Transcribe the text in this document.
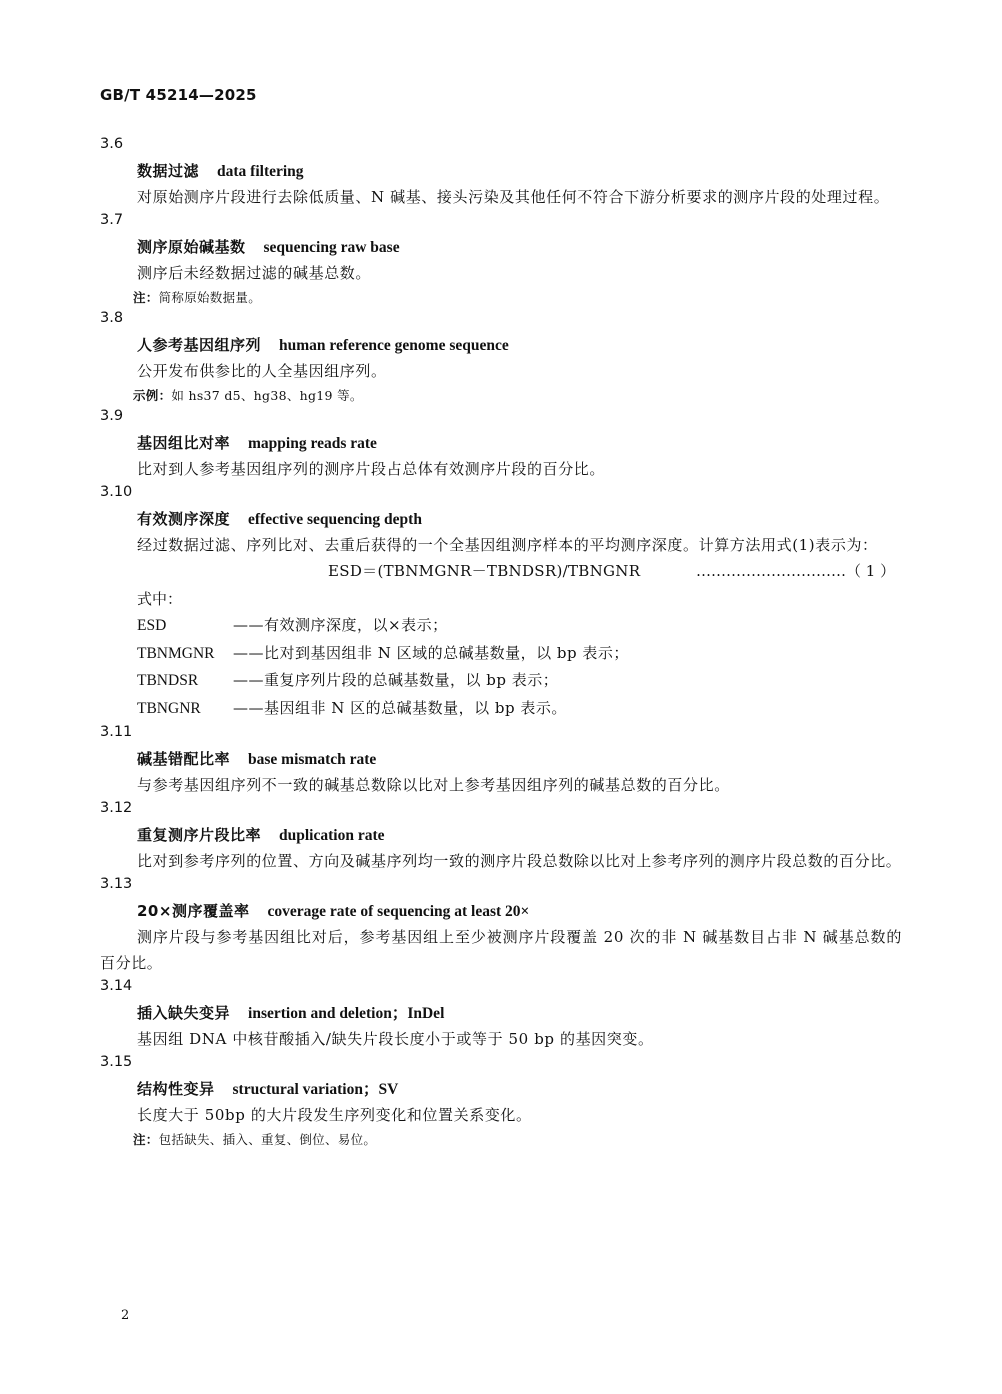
GB/T 45214—2025
3.6
数据过滤 data filtering

对原始测序片段进行去除低质量、N 碱基、接头污染及其他任何不符合下游分析要求的测序片段的处理过程。

3.7
测序原始碱基数 sequencing raw base

测序后未经数据过滤的碱基总数。

注：简称原始数据量。
3.8
人参考基因组序列 human reference genome sequence

公开发布供参比的人全基因组序列。

示例：如 hs37 d5、hg38、hg19 等。
3.9
基因组比对率 mapping reads rate

比对到人参考基因组序列的测序片段占总体有效测序片段的百分比。

3.10
有效测序深度 effective sequencing depth

经过数据过滤、序列比对、去重后获得的一个全基因组测序样本的平均测序深度。计算方法用式(1)表示为：

ESD＝(TBNMGNR－TBNDSR)/TBNGNR	…………………………（ 1 ）
式中：
ESD	——有效测序深度，以×表示；
TBNMGNR	——比对到基因组非 N 区域的总碱基数量，以 bp 表示；
TBNDSR	——重复序列片段的总碱基数量，以 bp 表示；
TBNGNR	——基因组非 N 区的总碱基数量，以 bp 表示。
3.11
碱基错配比率 base mismatch rate

与参考基因组序列不一致的碱基总数除以比对上参考基因组序列的碱基总数的百分比。

3.12
重复测序片段比率 duplication rate

比对到参考序列的位置、方向及碱基序列均一致的测序片段总数除以比对上参考序列的测序片段总数的百分比。

3.13
20×测序覆盖率 coverage rate of sequencing at least 20×

测序片段与参考基因组比对后，参考基因组上至少被测序片段覆盖 20 次的非 N 碱基数目占非 N 碱基总数的百分比。

3.14
插入缺失变异 insertion and deletion；InDel

基因组 DNA 中核苷酸插入/缺失片段长度小于或等于 50 bp 的基因突变。

3.15
结构性变异 structural variation；SV

长度大于 50bp 的大片段发生序列变化和位置关系变化。

注：包括缺失、插入、重复、倒位、易位。
2
